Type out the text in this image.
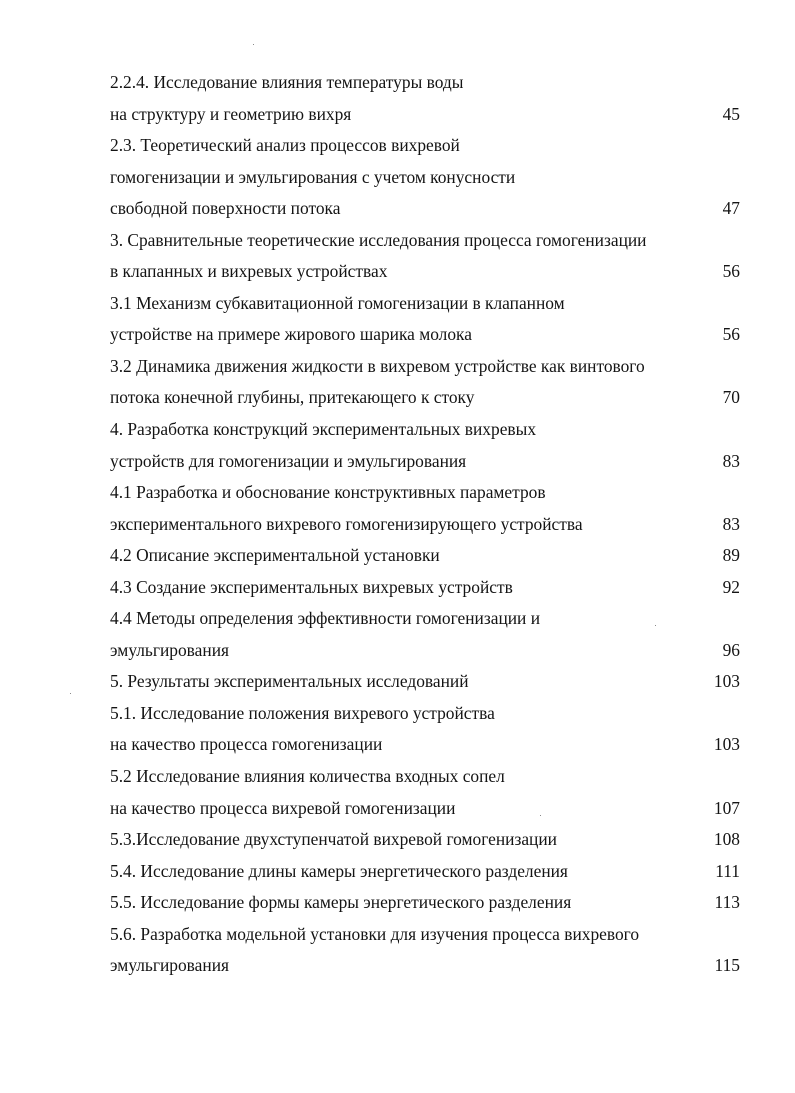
2.2.4. Исследование влияния температуры воды
на структуру и геометрию вихря	45
2.3. Теоретический анализ процессов вихревой
гомогенизации и эмульгирования с учетом конусности
свободной поверхности потока	47
3. Сравнительные теоретические исследования процесса гомогенизации
в клапанных и вихревых устройствах	56
3.1 Механизм субкавитационной гомогенизации в клапанном
устройстве на примере жирового шарика молока	56
3.2 Динамика движения жидкости в вихревом устройстве как винтового
потока конечной глубины, притекающего к стоку	70
4. Разработка конструкций экспериментальных вихревых
устройств для гомогенизации и эмульгирования	83
4.1 Разработка и обоснование конструктивных параметров
экспериментального вихревого гомогенизирующего устройства	83
4.2 Описание экспериментальной установки	89
4.3 Создание экспериментальных вихревых устройств	92
4.4 Методы определения эффективности гомогенизации и
эмульгирования	96
5. Результаты экспериментальных исследований	103
5.1. Исследование положения вихревого устройства
на качество процесса гомогенизации	103
5.2 Исследование влияния количества входных сопел
на качество процесса вихревой гомогенизации	107
5.3.Исследование двухступенчатой вихревой гомогенизации	108
5.4. Исследование длины камеры энергетического разделения	111
5.5. Исследование формы камеры энергетического разделения	113
5.6. Разработка модельной установки для изучения процесса вихревого
эмульгирования	115
